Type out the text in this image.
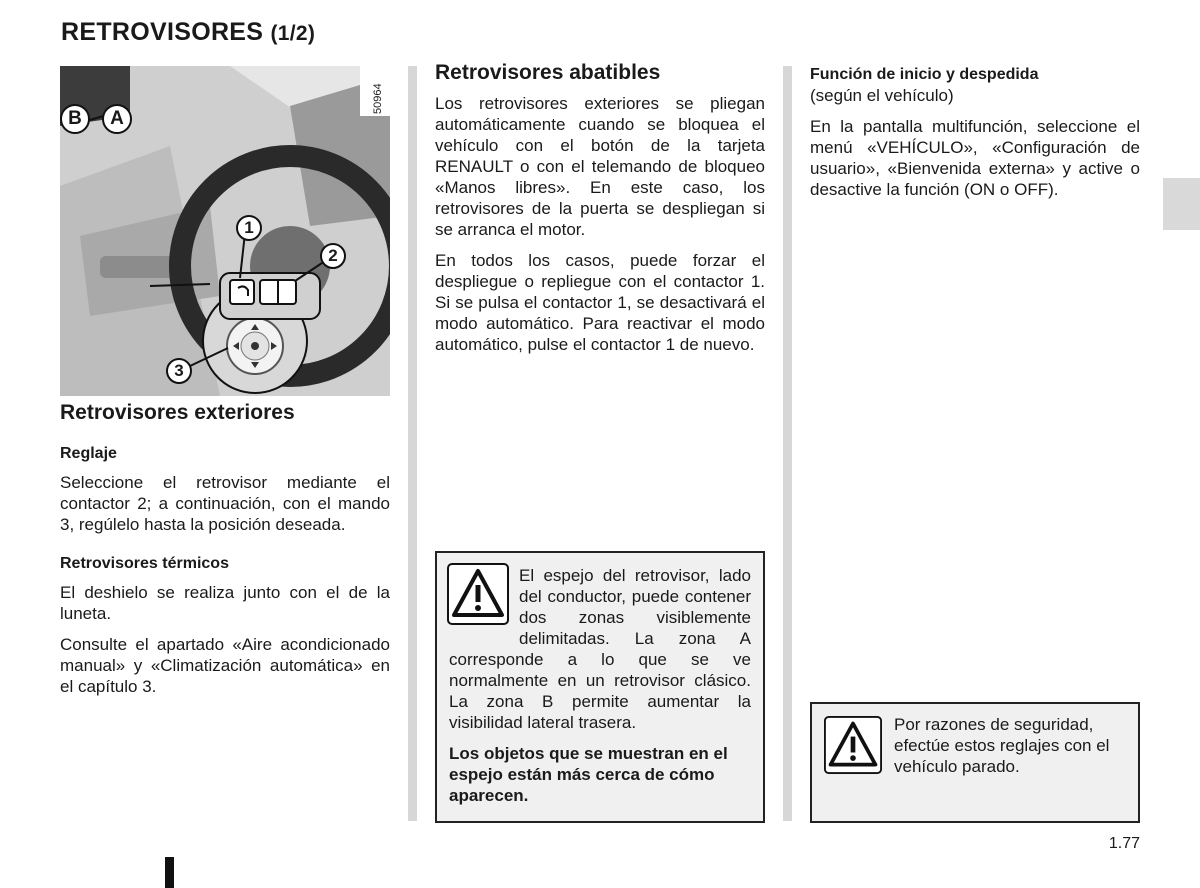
RETROVISORES (1/2)
50964
B	A
1
2
3
Retrovisores exteriores
Reglaje

Seleccione el retrovisor mediante el contactor 2; a continuación, con el mando 3, regúlelo hasta la posición deseada.

Retrovisores térmicos

El deshielo se realiza junto con el de la luneta.

Consulte el apartado «Aire acondicionado manual» y «Climatización automática» en el capítulo 3.

Retrovisores abatibles

Los retrovisores exteriores se pliegan automáticamente cuando se bloquea el vehículo con el botón de la tarjeta RENAULT o con el telemando de bloqueo «Manos libres». En este caso, los retrovisores de la puerta se despliegan si se arranca el motor.

En todos los casos, puede forzar el despliegue o repliegue con el contactor 1. Si se pulsa el contactor 1, se desactivará el modo automático. Para reactivar el modo automático, pulse el contactor 1 de nuevo.

El espejo del retrovisor, lado del conductor, puede contener dos zonas visiblemente delimitadas. La zona A corresponde a lo que se ve normalmente en un retrovisor clásico. La zona B permite aumentar la visibilidad lateral trasera.

Los objetos que se muestran en el espejo están más cerca de cómo aparecen.

Función de inicio y despedida

(según el vehículo)

En la pantalla multifunción, seleccione el menú «VEHÍCULO», «Configuración de usuario», «Bienvenida externa» y active o desactive la función (ON o OFF).

Por razones de seguridad, efectúe estos reglajes con el vehículo parado.

1.77
